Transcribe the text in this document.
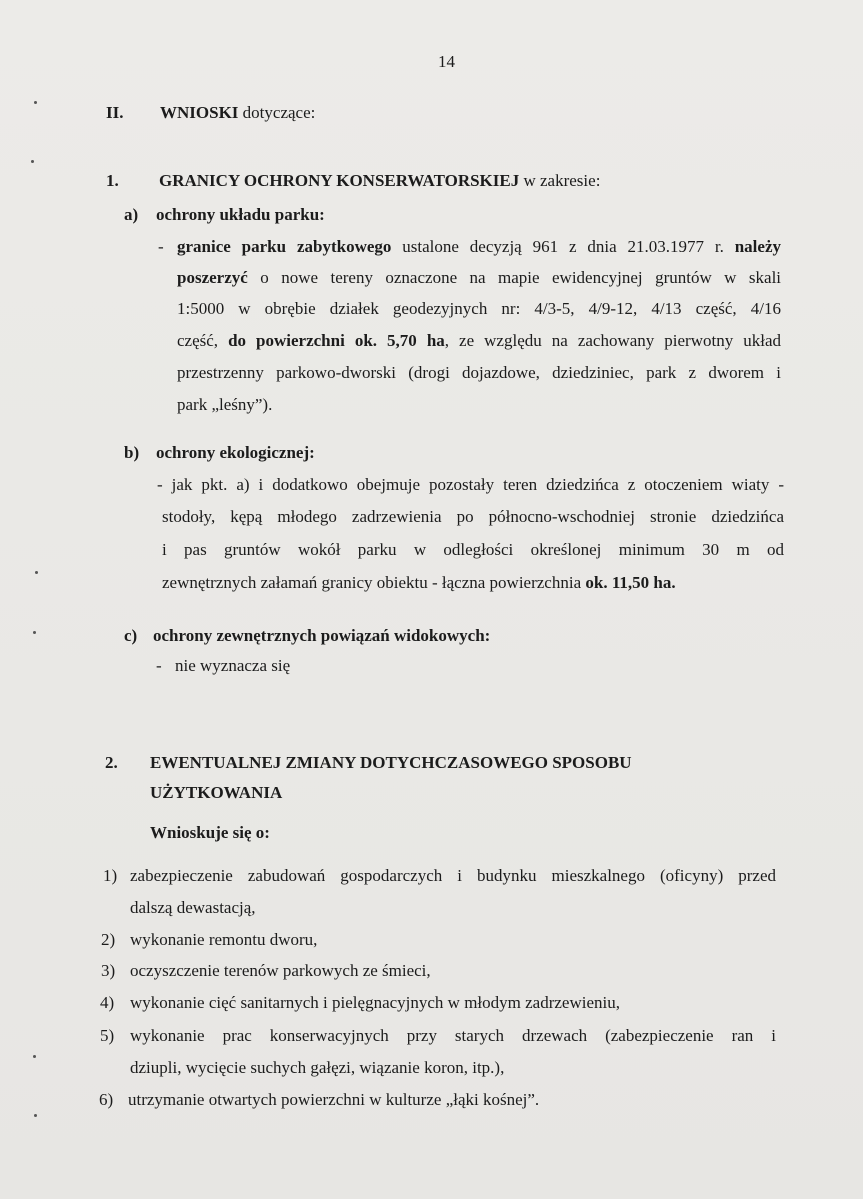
14
II. WNIOSKI dotyczące:
1. GRANICY OCHRONY KONSERWATORSKIEJ w zakresie:
a) ochrony układu parku:
- granice parku zabytkowego ustalone decyzją 961 z dnia 21.03.1977 r. należy
poszerzyć o nowe tereny oznaczone na mapie ewidencyjnej gruntów w skali
1:5000 w obrębie działek geodezyjnych nr: 4/3-5, 4/9-12, 4/13 część, 4/16
część, do powierzchni ok. 5,70 ha, ze względu na zachowany pierwotny układ
przestrzenny parkowo-dworski (drogi dojazdowe, dziedziniec, park z dworem i
park „leśny”).
b) ochrony ekologicznej:
- jak pkt. a) i dodatkowo obejmuje pozostały teren dziedzińca z otoczeniem wiaty -
stodoły, kępą młodego zadrzewienia po północno-wschodniej stronie dziedzińca
i pas gruntów wokół parku w odległości określonej minimum 30 m od
zewnętrznych załamań granicy obiektu - łączna powierzchnia ok. 11,50 ha.
c) ochrony zewnętrznych powiązań widokowych:
- nie wyznacza się
2. EWENTUALNEJ ZMIANY DOTYCHCZASOWEGO SPOSOBU
UŻYTKOWANIA
Wnioskuje się o:
1) zabezpieczenie zabudowań gospodarczych i budynku mieszkalnego (oficyny) przed
dalszą dewastacją,
2) wykonanie remontu dworu,
3) oczyszczenie terenów parkowych ze śmieci,
4) wykonanie cięć sanitarnych i pielęgnacyjnych w młodym zadrzewieniu,
5) wykonanie prac konserwacyjnych przy starych drzewach (zabezpieczenie ran i
dziupli, wycięcie suchych gałęzi, wiązanie koron, itp.),
6) utrzymanie otwartych powierzchni w kulturze „łąki kośnej”.
